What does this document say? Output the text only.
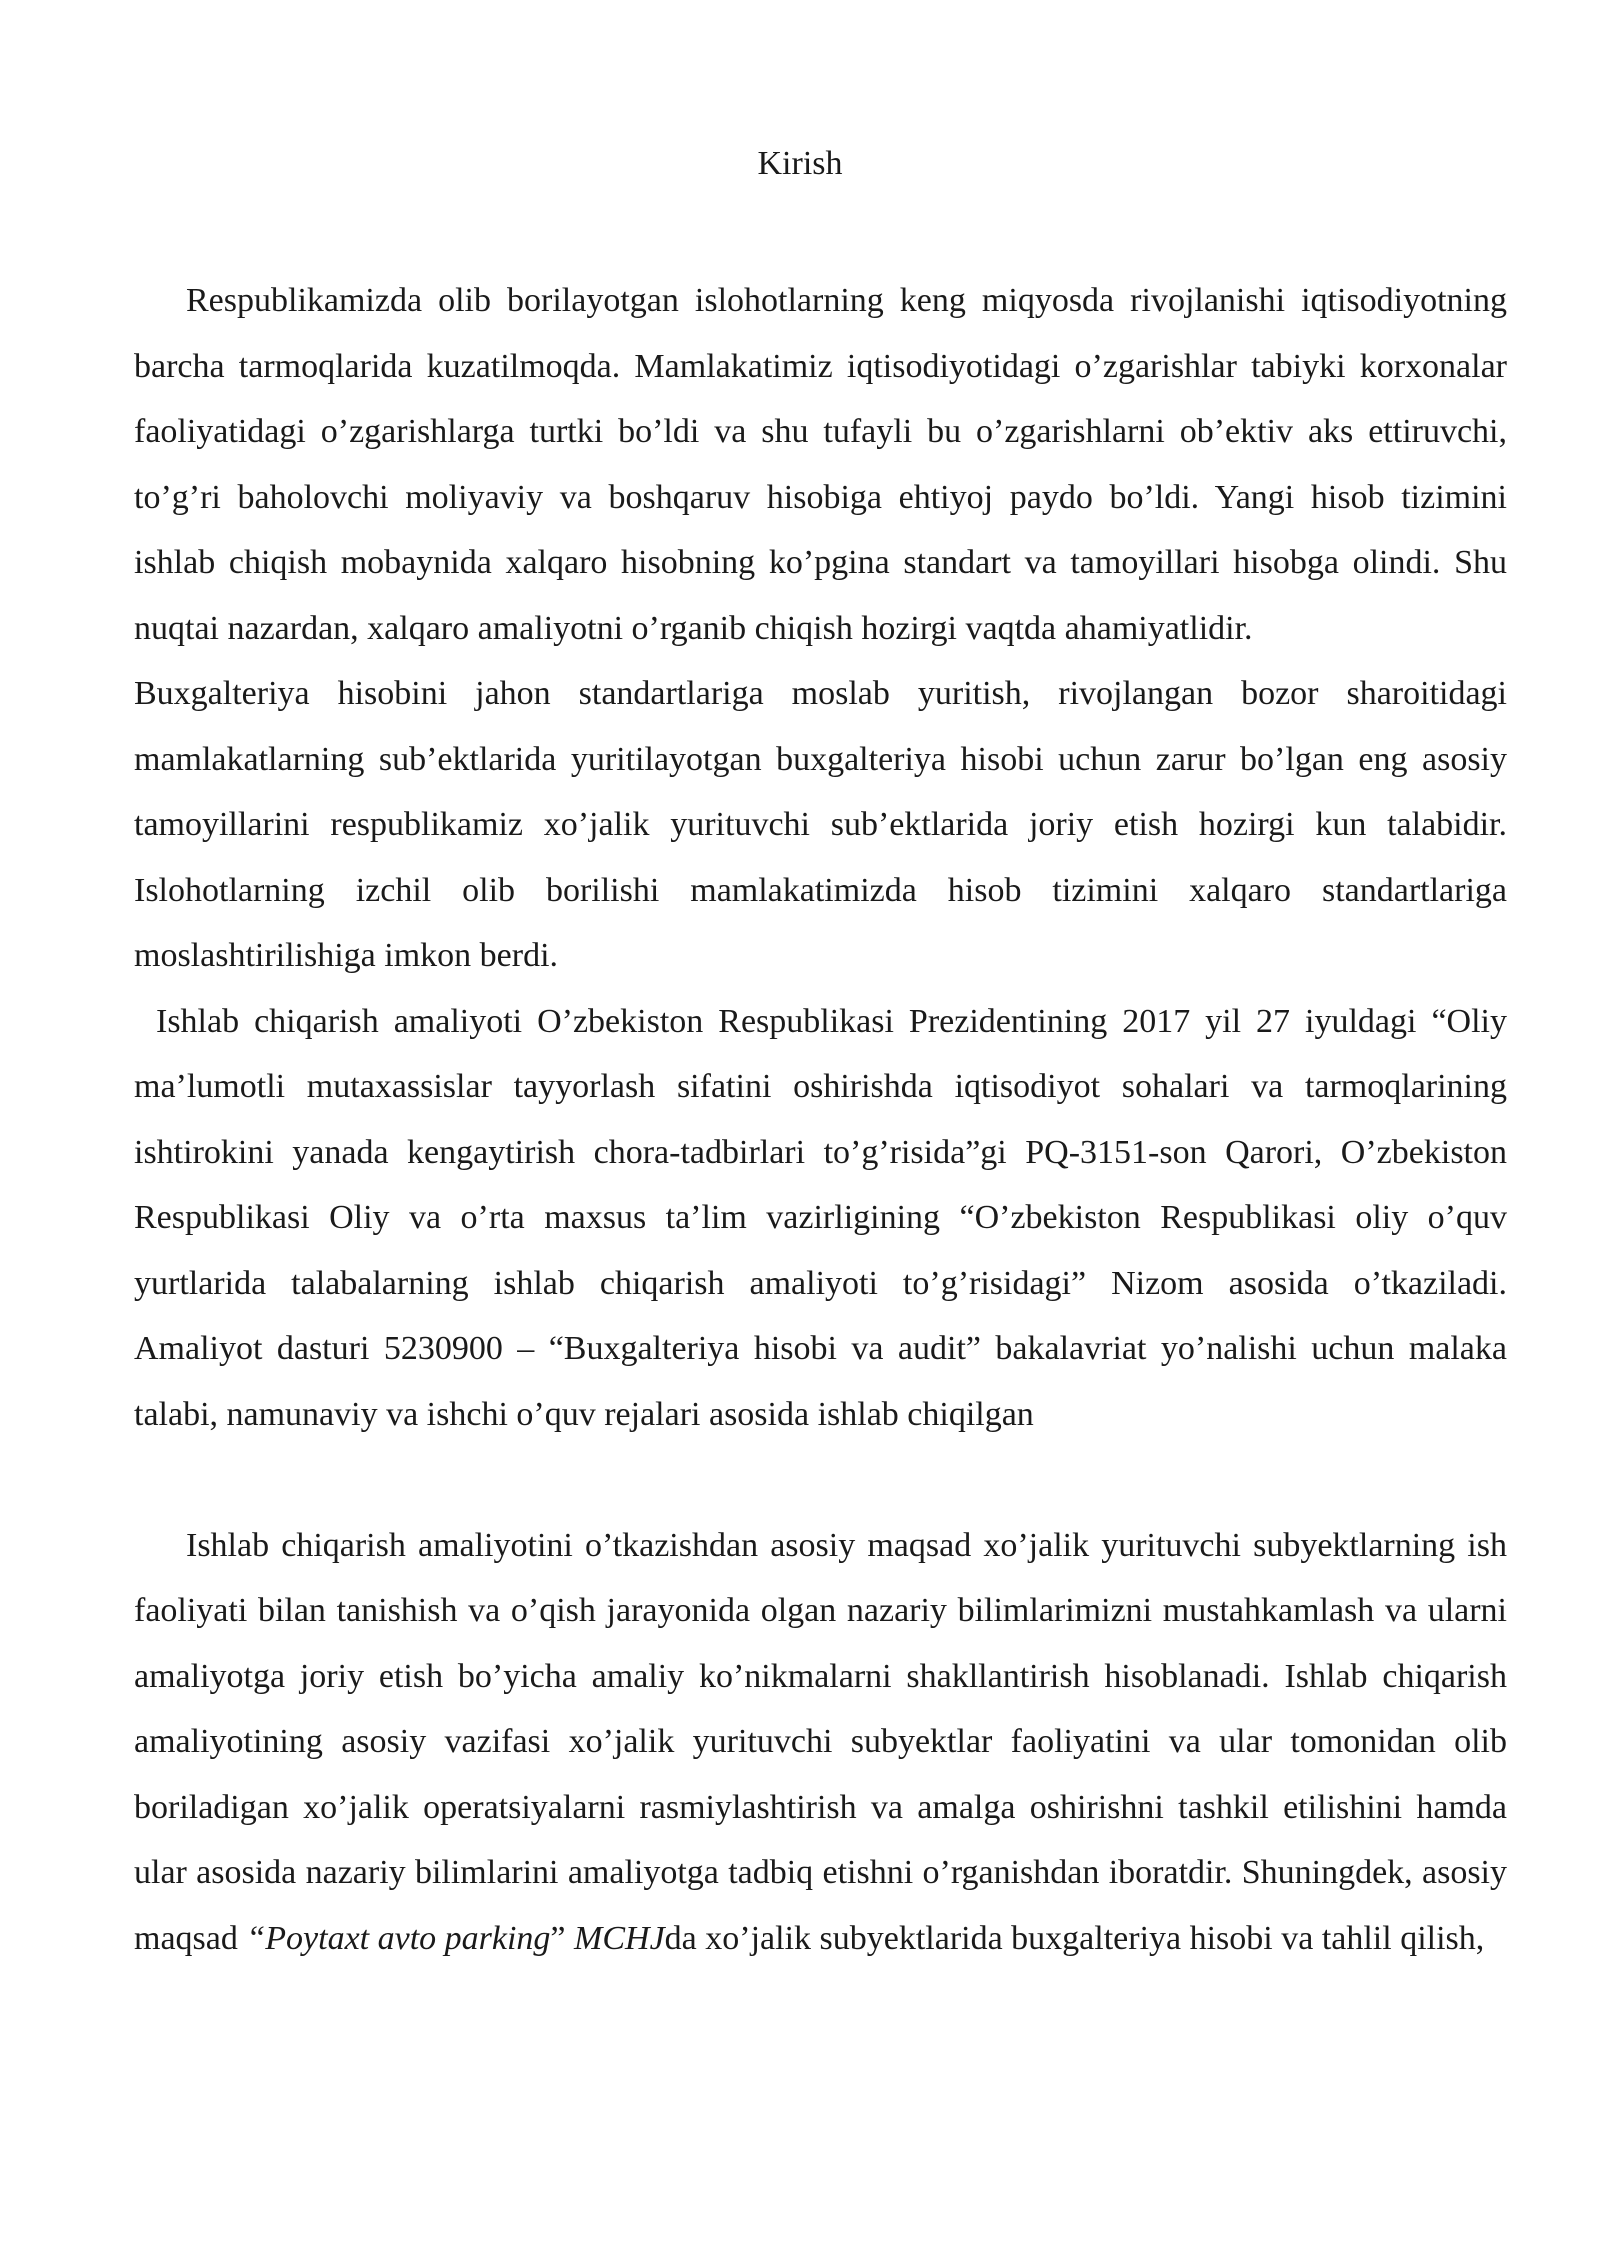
Kirish

Respublikamizda olib borilayotgan islohotlarning keng miqyosda rivojlanishi iqtisodiyotning barcha tarmoqlarida kuzatilmoqda. Mamlakatimiz iqtisodiyotidagi o’zgarishlar tabiyki korxonalar faoliyatidagi o’zgarishlarga turtki bo’ldi va shu tufayli bu o’zgarishlarni ob’ektiv aks ettiruvchi, to’g’ri baholovchi moliyaviy va boshqaruv hisobiga ehtiyoj paydo bo’ldi. Yangi hisob tizimini ishlab chiqish mobaynida xalqaro hisobning ko’pgina standart va tamoyillari hisobga olindi. Shu nuqtai nazardan, xalqaro amaliyotni o’rganib chiqish hozirgi vaqtda ahamiyatlidir.

Buxgalteriya hisobini jahon standartlariga moslab yuritish, rivojlangan bozor sharoitidagi mamlakatlarning sub’ektlarida yuritilayotgan buxgalteriya hisobi uchun zarur bo’lgan eng asosiy tamoyillarini respublikamiz xo’jalik yurituvchi sub’ektlarida joriy etish hozirgi kun talabidir. Islohotlarning izchil olib borilishi mamlakatimizda hisob tizimini xalqaro standartlariga moslashtirilishiga imkon berdi.

Ishlab chiqarish amaliyoti O’zbekiston Respublikasi Prezidentining 2017 yil 27 iyuldagi “Oliy ma’lumotli mutaxassislar tayyorlash sifatini oshirishda iqtisodiyot sohalari va tarmoqlarining ishtirokini yanada kengaytirish chora-tadbirlari to’g’risida”gi PQ-3151-son Qarori, O’zbekiston Respublikasi Oliy va o’rta maxsus ta’lim vazirligining “O’zbekiston Respublikasi oliy o’quv yurtlarida talabalarning ishlab chiqarish amaliyoti to’g’risidagi” Nizom asosida o’tkaziladi. Amaliyot dasturi 5230900 – “Buxgalteriya hisobi va audit” bakalavriat yo’nalishi uchun malaka talabi, namunaviy va ishchi o’quv rejalari asosida ishlab chiqilgan

Ishlab chiqarish amaliyotini o’tkazishdan asosiy maqsad xo’jalik yurituvchi subyektlarning ish faoliyati bilan tanishish va o’qish jarayonida olgan nazariy bilimlarimizni mustahkamlash va ularni amaliyotga joriy etish bo’yicha amaliy ko’nikmalarni shakllantirish hisoblanadi. Ishlab chiqarish amaliyotining asosiy vazifasi xo’jalik yurituvchi subyektlar faoliyatini va ular tomonidan olib boriladigan xo’jalik operatsiyalarni rasmiylashtirish va amalga oshirishni tashkil etilishini hamda ular asosida nazariy bilimlarini amaliyotga tadbiq etishni o’rganishdan iboratdir. Shuningdek, asosiy maqsad “Poytaxt avto parking” MCHJda xo’jalik subyektlarida buxgalteriya hisobi va tahlil qilish,
